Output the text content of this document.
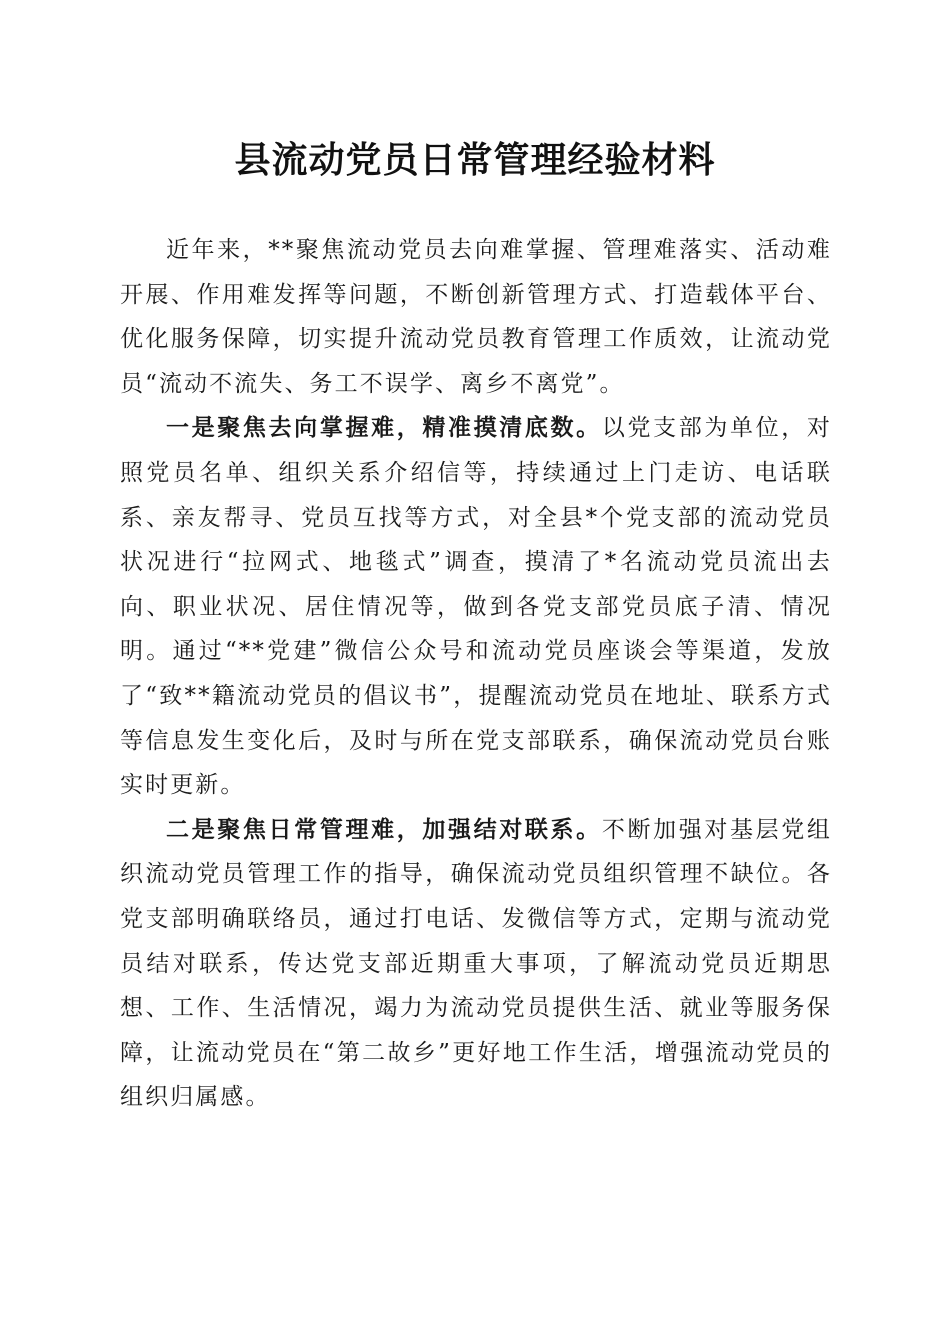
县流动党员日常管理经验材料

近年来，**聚焦流动党员去向难掌握、管理难落实、活动难开展、作用难发挥等问题，不断创新管理方式、打造载体平台、优化服务保障，切实提升流动党员教育管理工作质效，让流动党员“流动不流失、务工不误学、离乡不离党”。

一是聚焦去向掌握难，精准摸清底数。以党支部为单位，对照党员名单、组织关系介绍信等，持续通过上门走访、电话联系、亲友帮寻、党员互找等方式，对全县*个党支部的流动党员状况进行“拉网式、地毯式”调查，摸清了*名流动党员流出去向、职业状况、居住情况等，做到各党支部党员底子清、情况明。通过“**党建”微信公众号和流动党员座谈会等渠道，发放了“致**籍流动党员的倡议书”，提醒流动党员在地址、联系方式等信息发生变化后，及时与所在党支部联系，确保流动党员台账实时更新。

二是聚焦日常管理难，加强结对联系。不断加强对基层党组织流动党员管理工作的指导，确保流动党员组织管理不缺位。各党支部明确联络员，通过打电话、发微信等方式，定期与流动党员结对联系，传达党支部近期重大事项，了解流动党员近期思想、工作、生活情况，竭力为流动党员提供生活、就业等服务保障，让流动党员在“第二故乡”更好地工作生活，增强流动党员的组织归属感。
